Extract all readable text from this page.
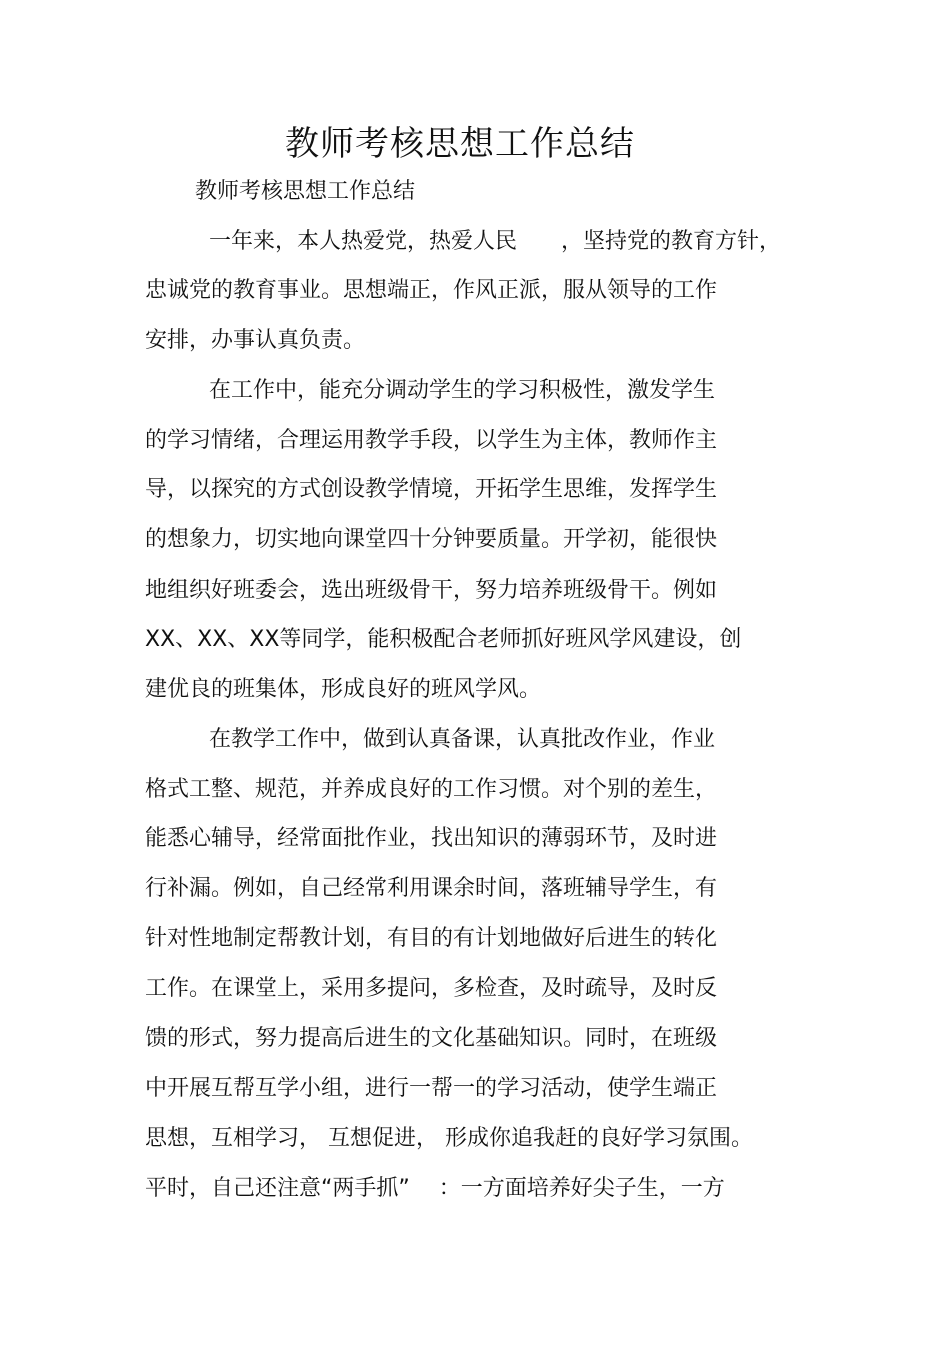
教师考核思想工作总结
教师考核思想工作总结
一年来，本人热爱党，热爱人民　　，坚持党的教育方针，
忠诚党的教育事业。思想端正，作风正派，服从领导的工作
安排，办事认真负责。
在工作中，能充分调动学生的学习积极性，激发学生
的学习情绪，合理运用教学手段，以学生为主体，教师作主
导，以探究的方式创设教学情境，开拓学生思维，发挥学生
的想象力，切实地向课堂四十分钟要质量。开学初，能很快
地组织好班委会，选出班级骨干，努力培养班级骨干。例如
XX、XX、XX等同学，能积极配合老师抓好班风学风建设，创
建优良的班集体，形成良好的班风学风。
在教学工作中，做到认真备课，认真批改作业，作业
格式工整、规范，并养成良好的工作习惯。对个别的差生，
能悉心辅导，经常面批作业，找出知识的薄弱环节，及时进
行补漏。例如，自己经常利用课余时间，落班辅导学生，有
针对性地制定帮教计划，有目的有计划地做好后进生的转化
工作。在课堂上，采用多提问，多检查，及时疏导，及时反
馈的形式，努力提高后进生的文化基础知识。同时，在班级
中开展互帮互学小组，进行一帮一的学习活动，使学生端正
思想，互相学习， 互想促进， 形成你追我赶的良好学习氛围。
平时，自己还注意“两手抓”　 ：一方面培养好尖子生，一方
